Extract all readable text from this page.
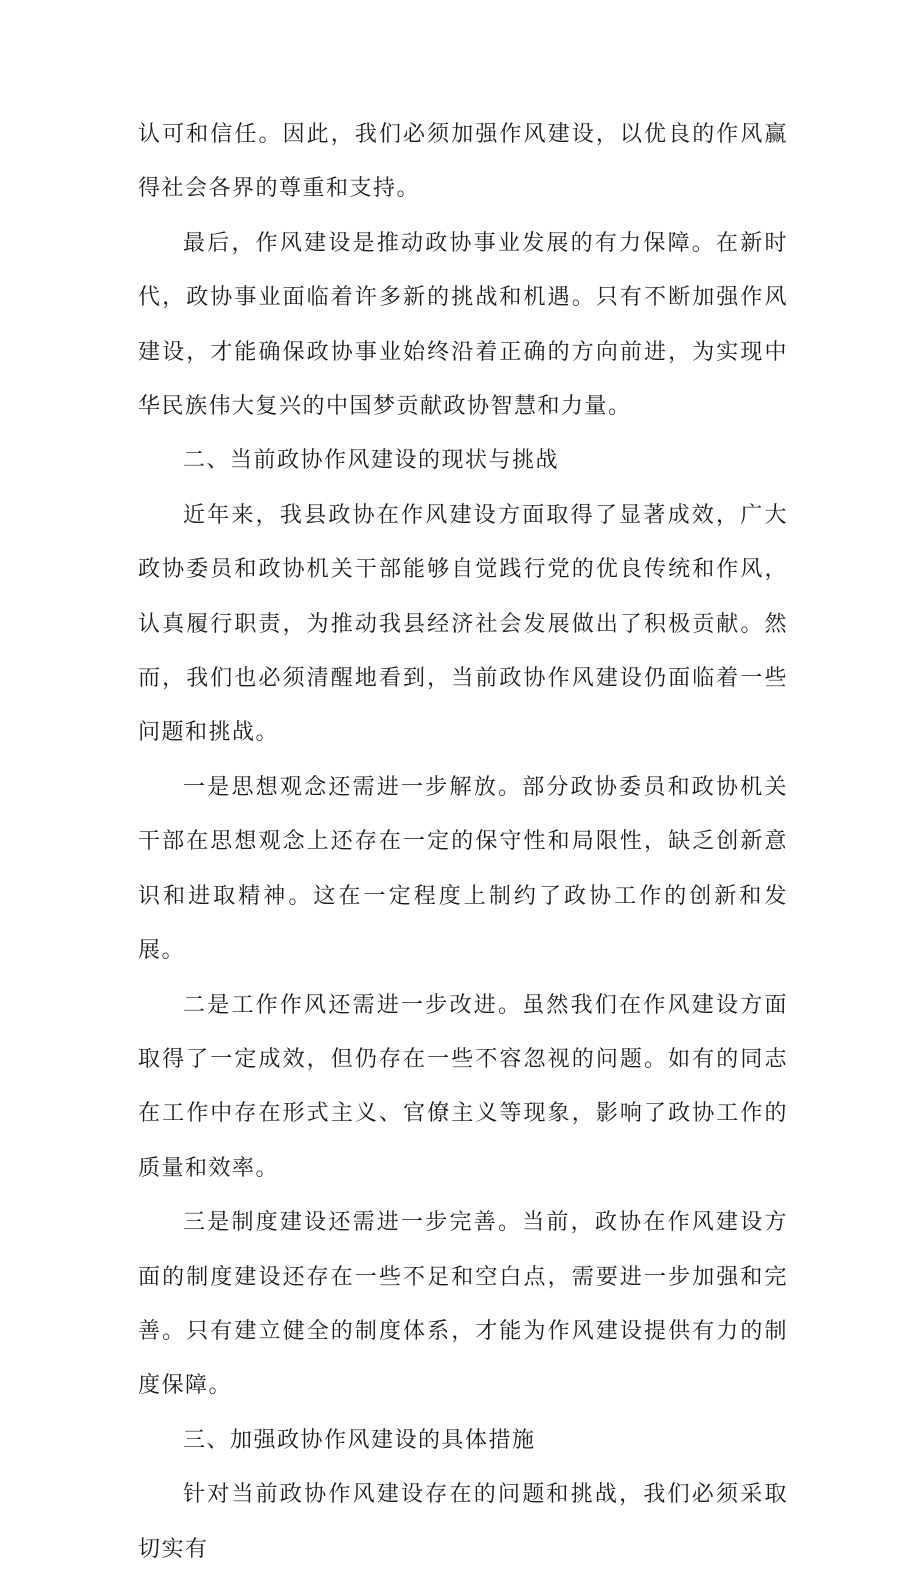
认可和信任。因此，我们必须加强作风建设，以优良的作风赢得社会各界的尊重和支持。

最后，作风建设是推动政协事业发展的有力保障。在新时代，政协事业面临着许多新的挑战和机遇。只有不断加强作风建设，才能确保政协事业始终沿着正确的方向前进，为实现中华民族伟大复兴的中国梦贡献政协智慧和力量。

二、当前政协作风建设的现状与挑战

近年来，我县政协在作风建设方面取得了显著成效，广大政协委员和政协机关干部能够自觉践行党的优良传统和作风，认真履行职责，为推动我县经济社会发展做出了积极贡献。然而，我们也必须清醒地看到，当前政协作风建设仍面临着一些问题和挑战。

一是思想观念还需进一步解放。部分政协委员和政协机关干部在思想观念上还存在一定的保守性和局限性，缺乏创新意识和进取精神。这在一定程度上制约了政协工作的创新和发展。

二是工作作风还需进一步改进。虽然我们在作风建设方面取得了一定成效，但仍存在一些不容忽视的问题。如有的同志在工作中存在形式主义、官僚主义等现象，影响了政协工作的质量和效率。

三是制度建设还需进一步完善。当前，政协在作风建设方面的制度建设还存在一些不足和空白点，需要进一步加强和完善。只有建立健全的制度体系，才能为作风建设提供有力的制度保障。

三、加强政协作风建设的具体措施

针对当前政协作风建设存在的问题和挑战，我们必须采取切实有
